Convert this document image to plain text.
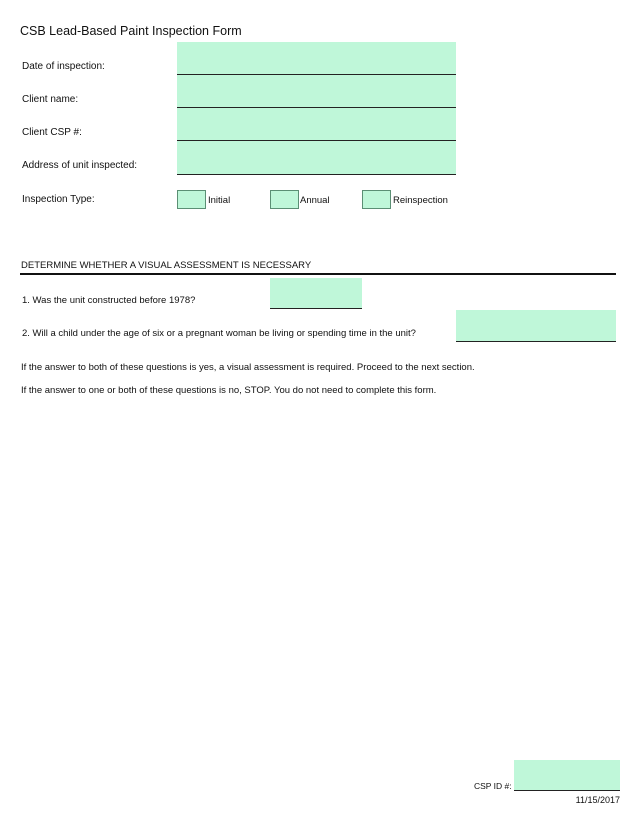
CSB Lead-Based Paint Inspection Form
Date of inspection:
Client name:
Client CSP #:
Address of unit inspected:
Inspection Type:	Initial	Annual	Reinspection
DETERMINE WHETHER A VISUAL ASSESSMENT IS NECESSARY
1. Was the unit constructed before 1978?
2. Will a child under the age of six or a pregnant woman be living or spending time in the unit?
If the answer to both of these questions is yes, a visual assessment is required. Proceed to the next section.
If the answer to one or both of these questions is no, STOP. You do not need to complete this form.
CSP ID #:
11/15/2017
